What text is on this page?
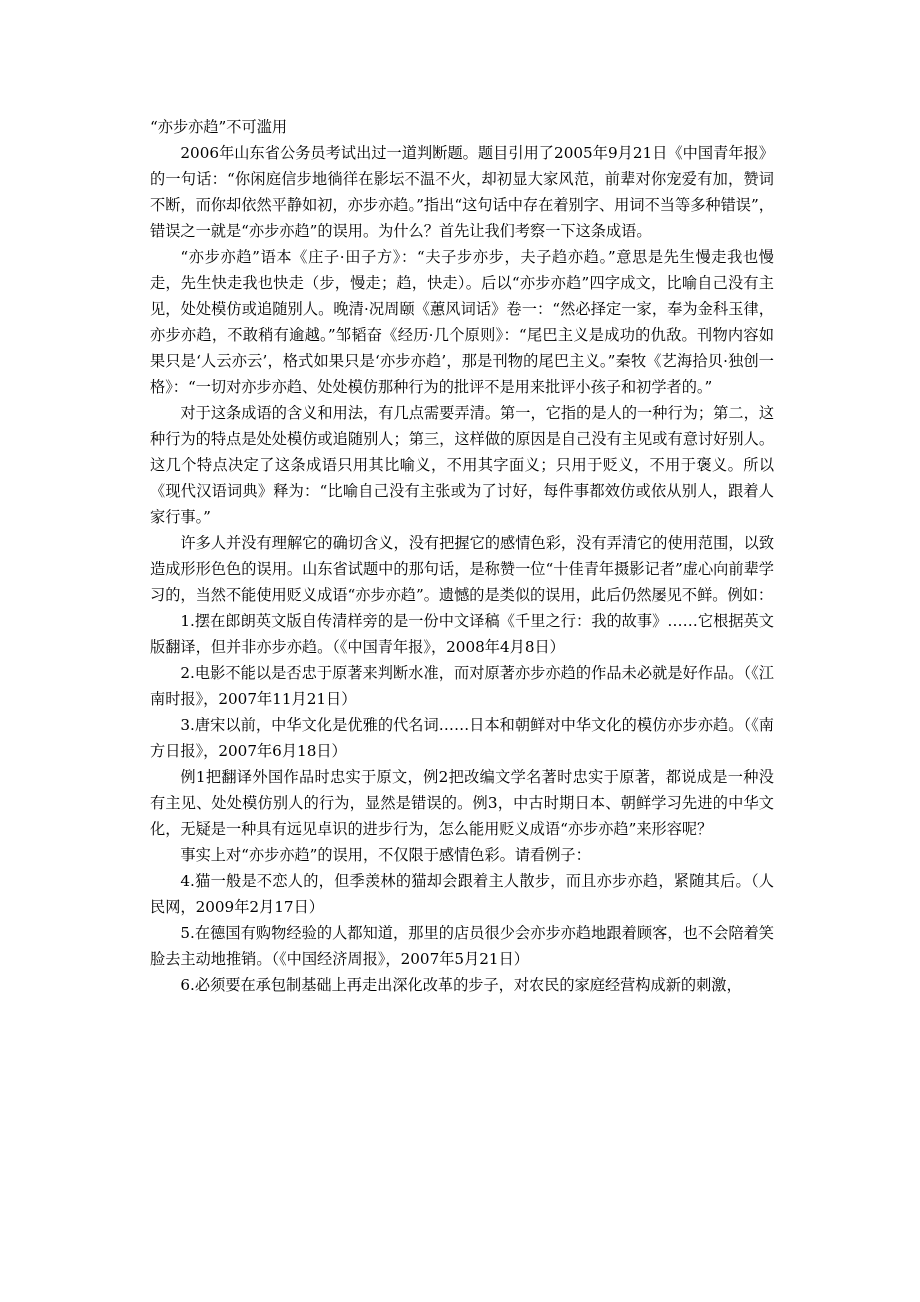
“亦步亦趋”不可滥用

2006年山东省公务员考试出过一道判断题。题目引用了2005年9月21日《中国青年报》的一句话：“你闲庭信步地徜徉在影坛不温不火，却初显大家风范，前辈对你宠爱有加，赞词不断，而你却依然平静如初，亦步亦趋。”指出“这句话中存在着别字、用词不当等多种错误”，错误之一就是“亦步亦趋”的误用。为什么？首先让我们考察一下这条成语。

“亦步亦趋”语本《庄子·田子方》：“夫子步亦步，夫子趋亦趋。”意思是先生慢走我也慢走，先生快走我也快走（步，慢走；趋，快走）。后以“亦步亦趋”四字成文，比喻自己没有主见，处处模仿或追随别人。晚清·况周颐《蕙风词话》卷一：“然必择定一家，奉为金科玉律，亦步亦趋，不敢稍有逾越。”邹韬奋《经历·几个原则》：“尾巴主义是成功的仇敌。刊物内容如果只是‘人云亦云’，格式如果只是‘亦步亦趋’，那是刊物的尾巴主义。”秦牧《艺海拾贝·独创一格》：“一切对亦步亦趋、处处模仿那种行为的批评不是用来批评小孩子和初学者的。”

对于这条成语的含义和用法，有几点需要弄清。第一，它指的是人的一种行为；第二，这种行为的特点是处处模仿或追随别人；第三，这样做的原因是自己没有主见或有意讨好别人。这几个特点决定了这条成语只用其比喻义，不用其字面义；只用于贬义，不用于褒义。所以《现代汉语词典》释为：“比喻自己没有主张或为了讨好，每件事都效仿或依从别人，跟着人家行事。”

许多人并没有理解它的确切含义，没有把握它的感情色彩，没有弄清它的使用范围，以致造成形形色色的误用。山东省试题中的那句话，是称赞一位“十佳青年摄影记者”虚心向前辈学习的，当然不能使用贬义成语“亦步亦趋”。遗憾的是类似的误用，此后仍然屡见不鲜。例如：

1.摆在郎朗英文版自传清样旁的是一份中文译稿《千里之行：我的故事》……它根据英文版翻译，但并非亦步亦趋。（《中国青年报》，2008年4月8日）

2.电影不能以是否忠于原著来判断水准，而对原著亦步亦趋的作品未必就是好作品。（《江南时报》，2007年11月21日）

3.唐宋以前，中华文化是优雅的代名词……日本和朝鲜对中华文化的模仿亦步亦趋。（《南方日报》，2007年6月18日）

例1把翻译外国作品时忠实于原文，例2把改编文学名著时忠实于原著，都说成是一种没有主见、处处模仿别人的行为，显然是错误的。例3，中古时期日本、朝鲜学习先进的中华文化，无疑是一种具有远见卓识的进步行为，怎么能用贬义成语“亦步亦趋”来形容呢？

事实上对“亦步亦趋”的误用，不仅限于感情色彩。请看例子：

4.猫一般是不恋人的，但季羡林的猫却会跟着主人散步，而且亦步亦趋，紧随其后。（人民网，2009年2月17日）

5.在德国有购物经验的人都知道，那里的店员很少会亦步亦趋地跟着顾客，也不会陪着笑脸去主动地推销。（《中国经济周报》，2007年5月21日）

6.必须要在承包制基础上再走出深化改革的步子，对农民的家庭经营构成新的刺激，
